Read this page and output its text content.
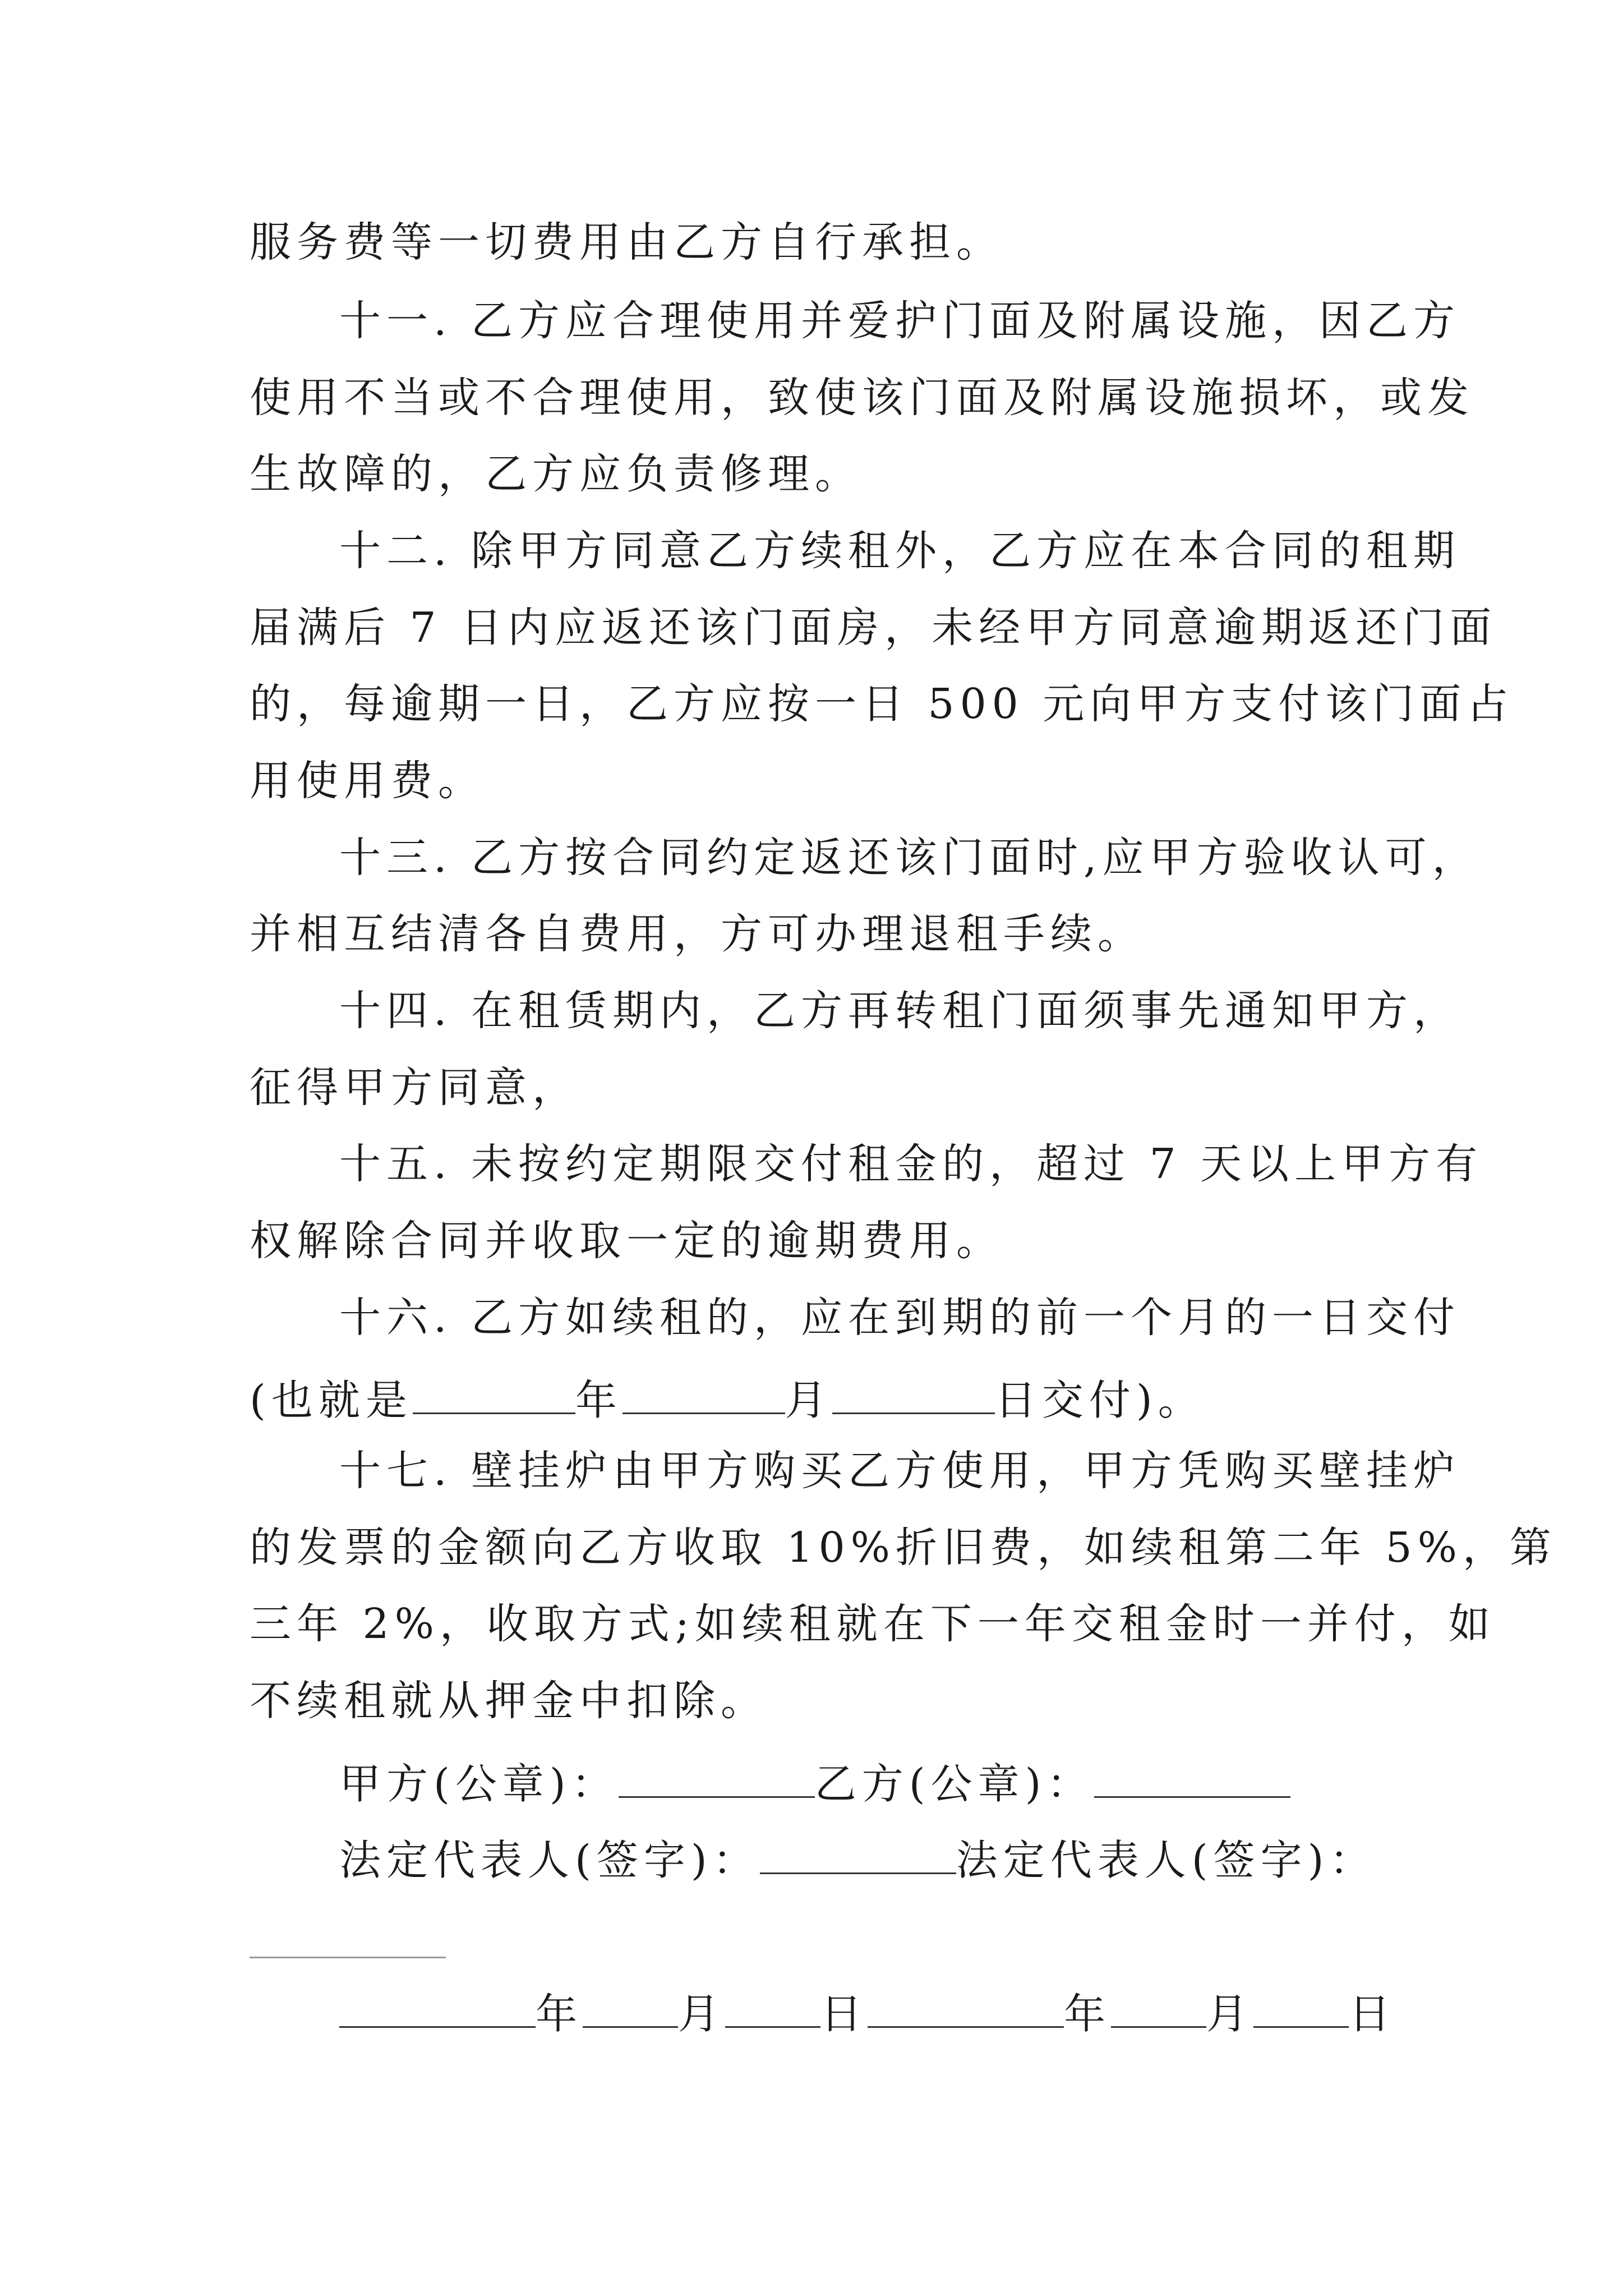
服务费等一切费用由乙方自行承担。
十一. 乙方应合理使用并爱护门面及附属设施，因乙方
使用不当或不合理使用，致使该门面及附属设施损坏，或发
生故障的，乙方应负责修理。
十二. 除甲方同意乙方续租外，乙方应在本合同的租期
届满后 7 日内应返还该门面房，未经甲方同意逾期返还门面
的，每逾期一日，乙方应按一日 500 元向甲方支付该门面占
用使用费。
十三. 乙方按合同约定返还该门面时,应甲方验收认可，
并相互结清各自费用，方可办理退租手续。
十四. 在租赁期内，乙方再转租门面须事先通知甲方，
征得甲方同意，
十五. 未按约定期限交付租金的，超过 7 天以上甲方有
权解除合同并收取一定的逾期费用。
十六. 乙方如续租的，应在到期的前一个月的一日交付
(也就是	年	月	日交付)。
十七. 壁挂炉由甲方购买乙方使用，甲方凭购买壁挂炉
的发票的金额向乙方收取 10%折旧费，如续租第二年 5%，第
三年 2%，收取方式;如续租就在下一年交租金时一并付，如
不续租就从押金中扣除。
甲方(公章)：	乙方(公章)：
法定代表人(签字)：	法定代表人(签字)：
年 月 日	年 月 日
